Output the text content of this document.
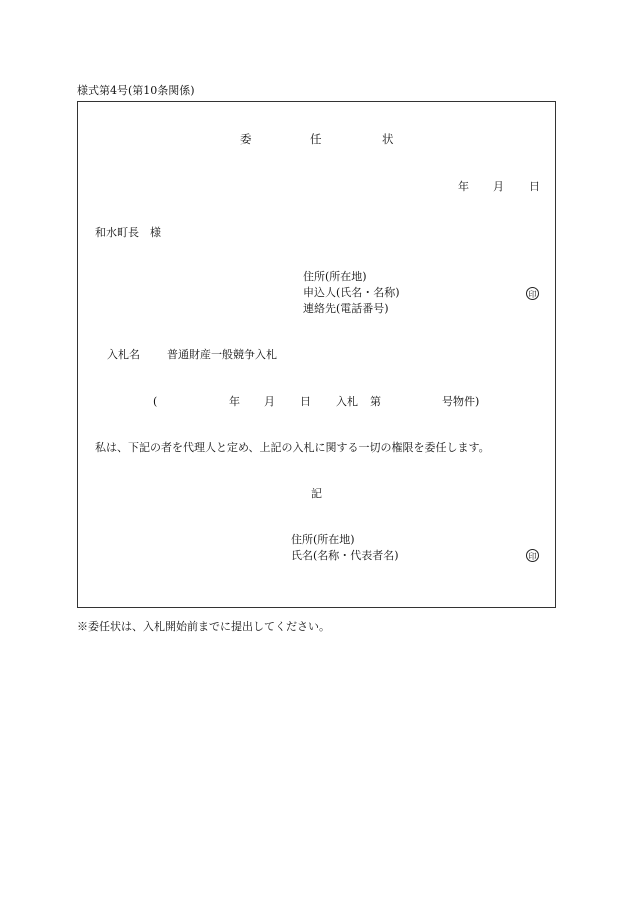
様式第4号(第10条関係)
委	任	状
年 月 日
和水町長　様
住所(所在地)
申込人(氏名・名称)
連絡先(電話番号)
印
入札名 普通財産一般競争入札
(	年 月 日 入札 第	号物件)
私は、下記の者を代理人と定め、上記の入札に関する一切の権限を委任します。
記
住所(所在地)
氏名(名称・代表者名)	印
※委任状は、入札開始前までに提出してください。
